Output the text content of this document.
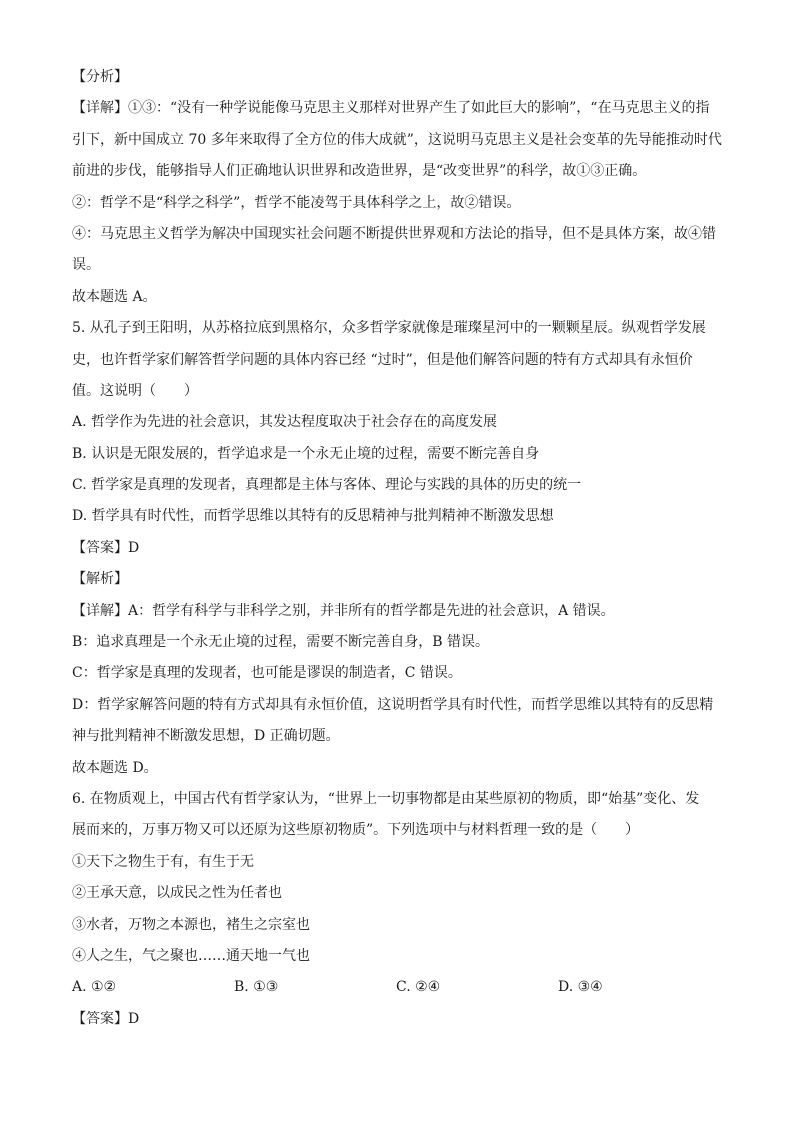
【分析】
【详解】①③：“没有一种学说能像马克思主义那样对世界产生了如此巨大的影响”，“在马克思主义的指
引下，新中国成立 70 多年来取得了全方位的伟大成就”，这说明马克思主义是社会变革的先导能推动时代
前进的步伐，能够指导人们正确地认识世界和改造世界，是“改变世界”的科学，故①③正确。
②：哲学不是“科学之科学”，哲学不能凌驾于具体科学之上，故②错误。
④：马克思主义哲学为解决中国现实社会问题不断提供世界观和方法论的指导，但不是具体方案，故④错
误。
故本题选 A。
5. 从孔子到王阳明，从苏格拉底到黑格尔，众多哲学家就像是璀璨星河中的一颗颗星辰。纵观哲学发展
史，也许哲学家们解答哲学问题的具体内容已经 “过时”，但是他们解答问题的特有方式却具有永恒价
值。这说明（　　）
A. 哲学作为先进的社会意识，其发达程度取决于社会存在的高度发展
B. 认识是无限发展的，哲学追求是一个永无止境的过程，需要不断完善自身
C. 哲学家是真理的发现者，真理都是主体与客体、理论与实践的具体的历史的统一
D. 哲学具有时代性，而哲学思维以其特有的反思精神与批判精神不断激发思想
【答案】D
【解析】
【详解】A：哲学有科学与非科学之别，并非所有的哲学都是先进的社会意识，A 错误。
B：追求真理是一个永无止境的过程，需要不断完善自身，B 错误。
C：哲学家是真理的发现者，也可能是谬误的制造者，C 错误。
D：哲学家解答问题的特有方式却具有永恒价值，这说明哲学具有时代性，而哲学思维以其特有的反思精
神与批判精神不断激发思想，D 正确切题。
故本题选 D。
6. 在物质观上，中国古代有哲学家认为，“世界上一切事物都是由某些原初的物质，即“始基”变化、发
展而来的，万事万物又可以还原为这些原初物质”。下列选项中与材料哲理一致的是（　　）
①天下之物生于有，有生于无
②王承天意，以成民之性为任者也
③水者，万物之本源也，褚生之宗室也
④人之生，气之聚也……通天地一气也
A. ①②	B. ①③	C. ②④	D. ③④
【答案】D
